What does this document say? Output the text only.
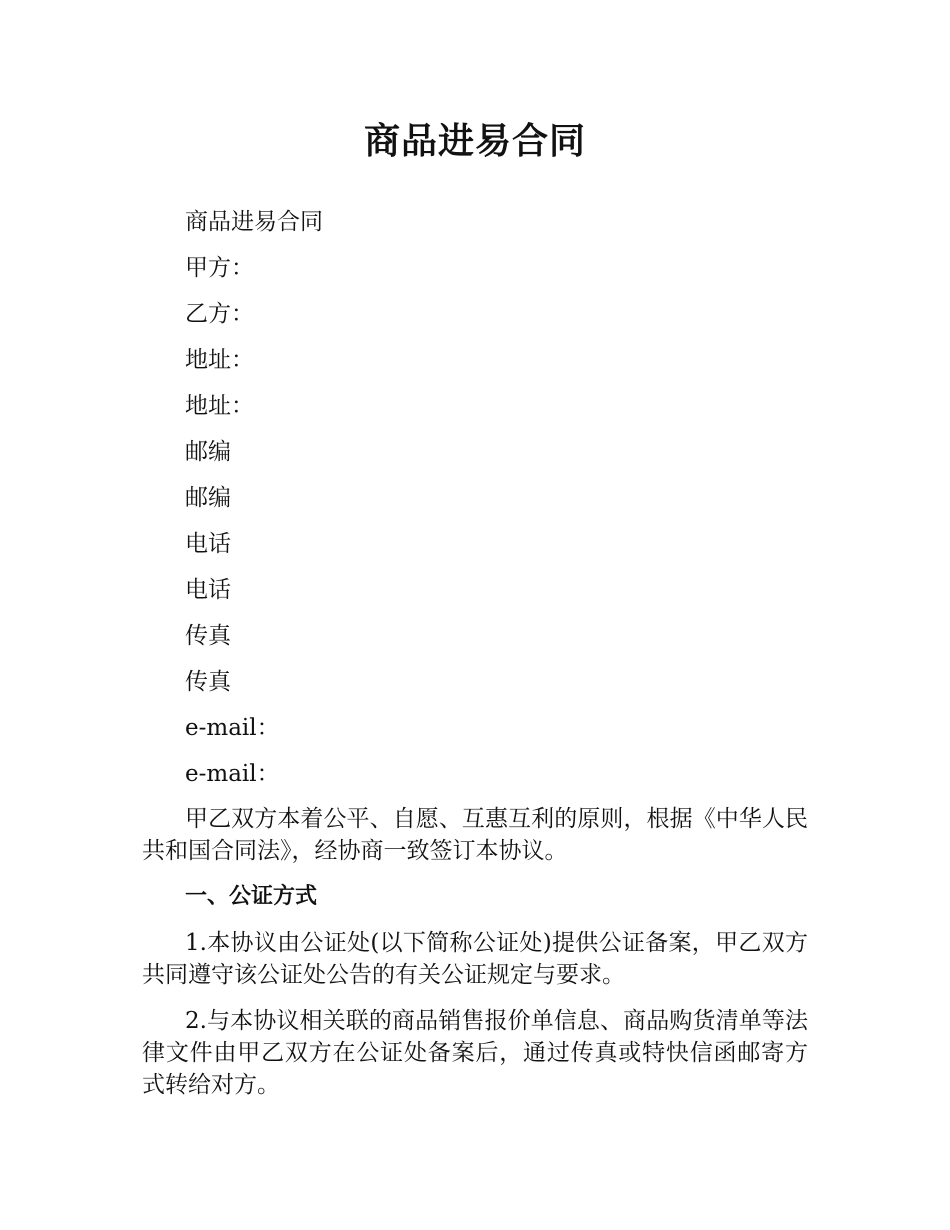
商品进易合同

商品进易合同

甲方：

乙方：

地址：

地址：

邮编

邮编

电话

电话

传真

传真

e-mail：

e-mail：

甲乙双方本着公平、自愿、互惠互利的原则，根据《中华人民共和国合同法》，经协商一致签订本协议。

一、公证方式

1.本协议由公证处(以下简称公证处)提供公证备案，甲乙双方共同遵守该公证处公告的有关公证规定与要求。

2.与本协议相关联的商品销售报价单信息、商品购货清单等法律文件由甲乙双方在公证处备案后，通过传真或特快信函邮寄方式转给对方。
